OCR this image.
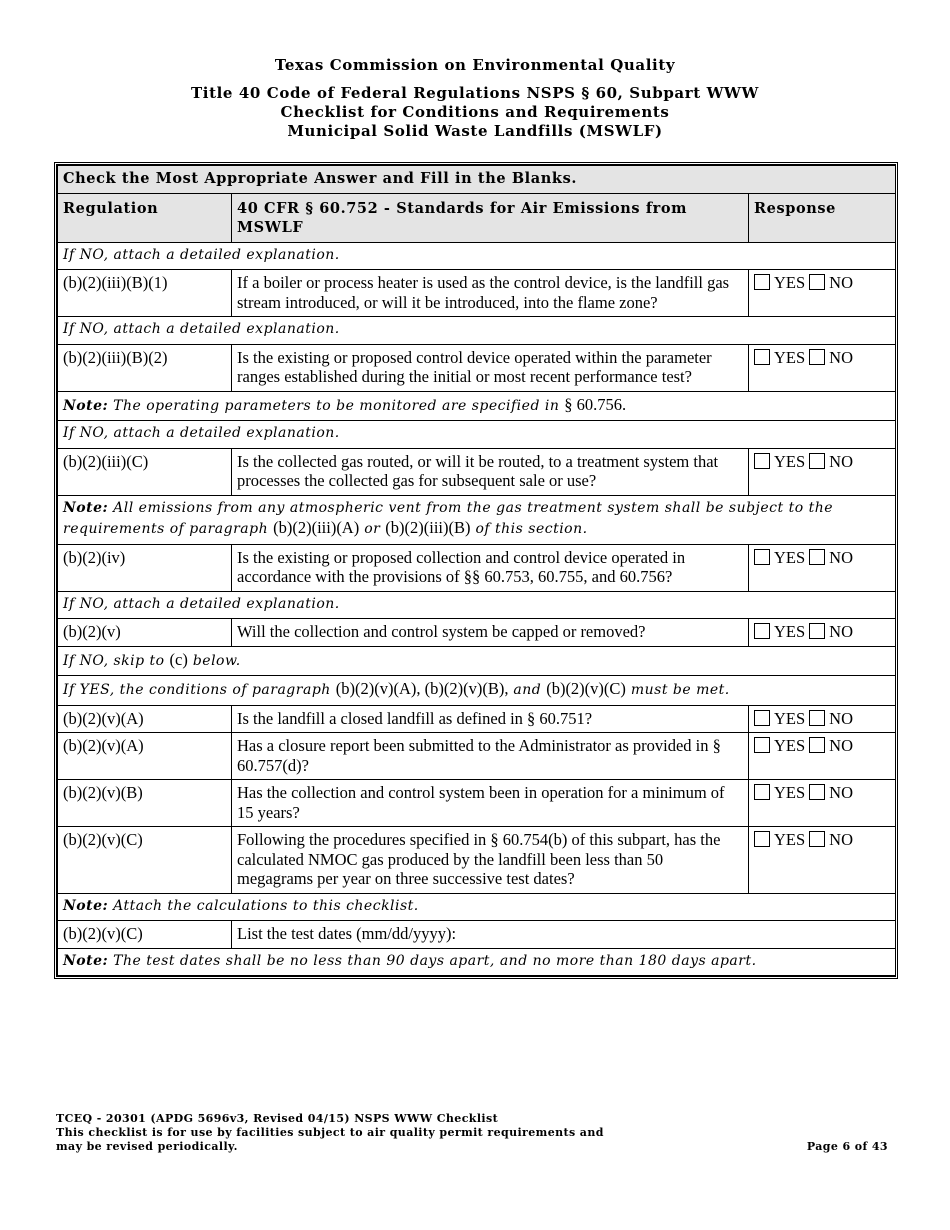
Texas Commission on Environmental Quality
Title 40 Code of Federal Regulations NSPS § 60, Subpart WWW
Checklist for Conditions and Requirements
Municipal Solid Waste Landfills (MSWLF)
Check the Most Appropriate Answer and Fill in the Blanks.		
Regulation	40 CFR § 60.752 - Standards for Air Emissions from MSWLF	Response
If NO, attach a detailed explanation.		
(b)(2)(iii)(B)(1)	If a boiler or process heater is used as the control device, is the landfill gas stream introduced, or will it be introduced, into the flame zone?	YES NO
If NO, attach a detailed explanation.		
(b)(2)(iii)(B)(2)	Is the existing or proposed control device operated within the parameter ranges established during the initial or most recent performance test?	YES NO
Note: The operating parameters to be monitored are specified in § 60.756.		
If NO, attach a detailed explanation.		
(b)(2)(iii)(C)	Is the collected gas routed, or will it be routed, to a treatment system that processes the collected gas for subsequent sale or use?	YES NO
Note: All emissions from any atmospheric vent from the gas treatment system shall be subject to the requirements of paragraph (b)(2)(iii)(A) or (b)(2)(iii)(B) of this section.		
(b)(2)(iv)	Is the existing or proposed collection and control device operated in accordance with the provisions of §§ 60.753, 60.755, and 60.756?	YES NO
If NO, attach a detailed explanation.		
(b)(2)(v)	Will the collection and control system be capped or removed?	YES NO
If NO, skip to (c) below.		
If YES, the conditions of paragraph (b)(2)(v)(A), (b)(2)(v)(B), and (b)(2)(v)(C) must be met.		
(b)(2)(v)(A)	Is the landfill a closed landfill as defined in § 60.751?	YES NO
(b)(2)(v)(A)	Has a closure report been submitted to the Administrator as provided in § 60.757(d)?	YES NO
(b)(2)(v)(B)	Has the collection and control system been in operation for a minimum of 15 years?	YES NO
(b)(2)(v)(C)	Following the procedures specified in § 60.754(b) of this subpart, has the calculated NMOC gas produced by the landfill been less than 50 megagrams per year on three successive test dates?	YES NO
Note: Attach the calculations to this checklist.		
(b)(2)(v)(C)	List the test dates (mm/dd/yyyy):	
Note: The test dates shall be no less than 90 days apart, and no more than 180 days apart.		
TCEQ - 20301 (APDG 5696v3, Revised 04/15) NSPS WWW Checklist
This checklist is for use by facilities subject to air quality permit requirements and
may be revised periodically.	Page 6 of 43
